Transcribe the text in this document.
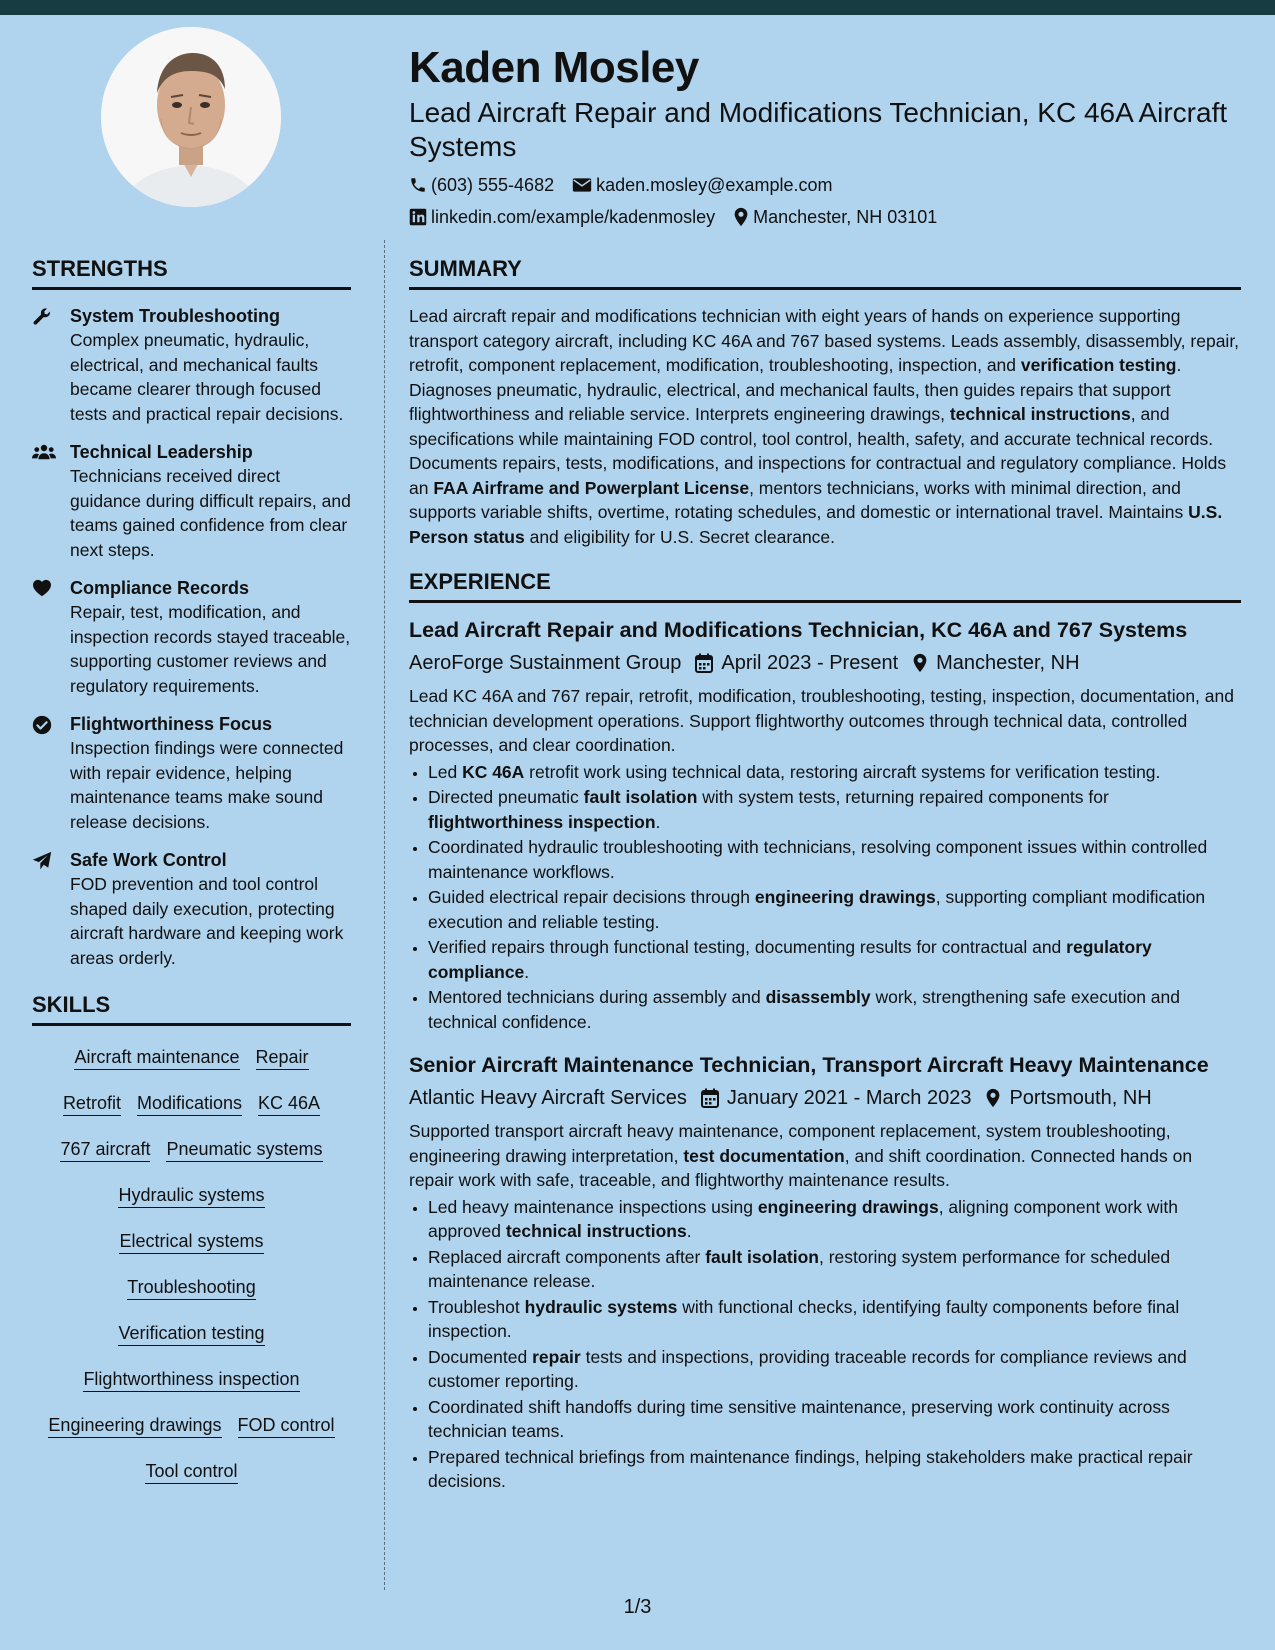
Kaden Mosley
Lead Aircraft Repair and Modifications Technician, KC 46A Aircraft Systems
(603) 555-4682 kaden.mosley@example.com
linkedin.com/example/kadenmosley Manchester, NH 03101
STRENGTHS
System Troubleshooting
Complex pneumatic, hydraulic, electrical, and mechanical faults became clearer through focused tests and practical repair decisions.
Technical Leadership
Technicians received direct guidance during difficult repairs, and teams gained confidence from clear next steps.
Compliance Records
Repair, test, modification, and inspection records stayed traceable, supporting customer reviews and regulatory requirements.
Flightworthiness Focus
Inspection findings were connected with repair evidence, helping maintenance teams make sound release decisions.
Safe Work Control
FOD prevention and tool control shaped daily execution, protecting aircraft hardware and keeping work areas orderly.
SKILLS
Aircraft maintenance Repair Retrofit Modifications KC 46A 767 aircraft Pneumatic systems
Hydraulic systems
Electrical systems
Troubleshooting
Verification testing
Flightworthiness inspection
Engineering drawings FOD control
Tool control
SUMMARY

Lead aircraft repair and modifications technician with eight years of hands on experience supporting transport category aircraft, including KC 46A and 767 based systems. Leads assembly, disassembly, repair, retrofit, component replacement, modification, troubleshooting, inspection, and verification testing. Diagnoses pneumatic, hydraulic, electrical, and mechanical faults, then guides repairs that support flightworthiness and reliable service. Interprets engineering drawings, technical instructions, and specifications while maintaining FOD control, tool control, health, safety, and accurate technical records. Documents repairs, tests, modifications, and inspections for contractual and regulatory compliance. Holds an FAA Airframe and Powerplant License, mentors technicians, works with minimal direction, and supports variable shifts, overtime, rotating schedules, and domestic or international travel. Maintains U.S. Person status and eligibility for U.S. Secret clearance.

EXPERIENCE
Lead Aircraft Repair and Modifications Technician, KC 46A and 767 Systems
AeroForge Sustainment Group April 2023 - Present Manchester, NH

Lead KC 46A and 767 repair, retrofit, modification, troubleshooting, testing, inspection, documentation, and technician development operations. Support flightworthy outcomes through technical data, controlled processes, and clear coordination.

• Led KC 46A retrofit work using technical data, restoring aircraft systems for verification testing.
• Directed pneumatic fault isolation with system tests, returning repaired components for flightworthiness inspection.
• Coordinated hydraulic troubleshooting with technicians, resolving component issues within controlled maintenance workflows.
• Guided electrical repair decisions through engineering drawings, supporting compliant modification execution and reliable testing.
• Verified repairs through functional testing, documenting results for contractual and regulatory compliance.
• Mentored technicians during assembly and disassembly work, strengthening safe execution and technical confidence.
Senior Aircraft Maintenance Technician, Transport Aircraft Heavy Maintenance
Atlantic Heavy Aircraft Services January 2021 - March 2023 Portsmouth, NH

Supported transport aircraft heavy maintenance, component replacement, system troubleshooting, engineering drawing interpretation, test documentation, and shift coordination. Connected hands on repair work with safe, traceable, and flightworthy maintenance results.

• Led heavy maintenance inspections using engineering drawings, aligning component work with approved technical instructions.
• Replaced aircraft components after fault isolation, restoring system performance for scheduled maintenance release.
• Troubleshot hydraulic systems with functional checks, identifying faulty components before final inspection.
• Documented repair tests and inspections, providing traceable records for compliance reviews and customer reporting.
• Coordinated shift handoffs during time sensitive maintenance, preserving work continuity across technician teams.
• Prepared technical briefings from maintenance findings, helping stakeholders make practical repair decisions.
1/3
